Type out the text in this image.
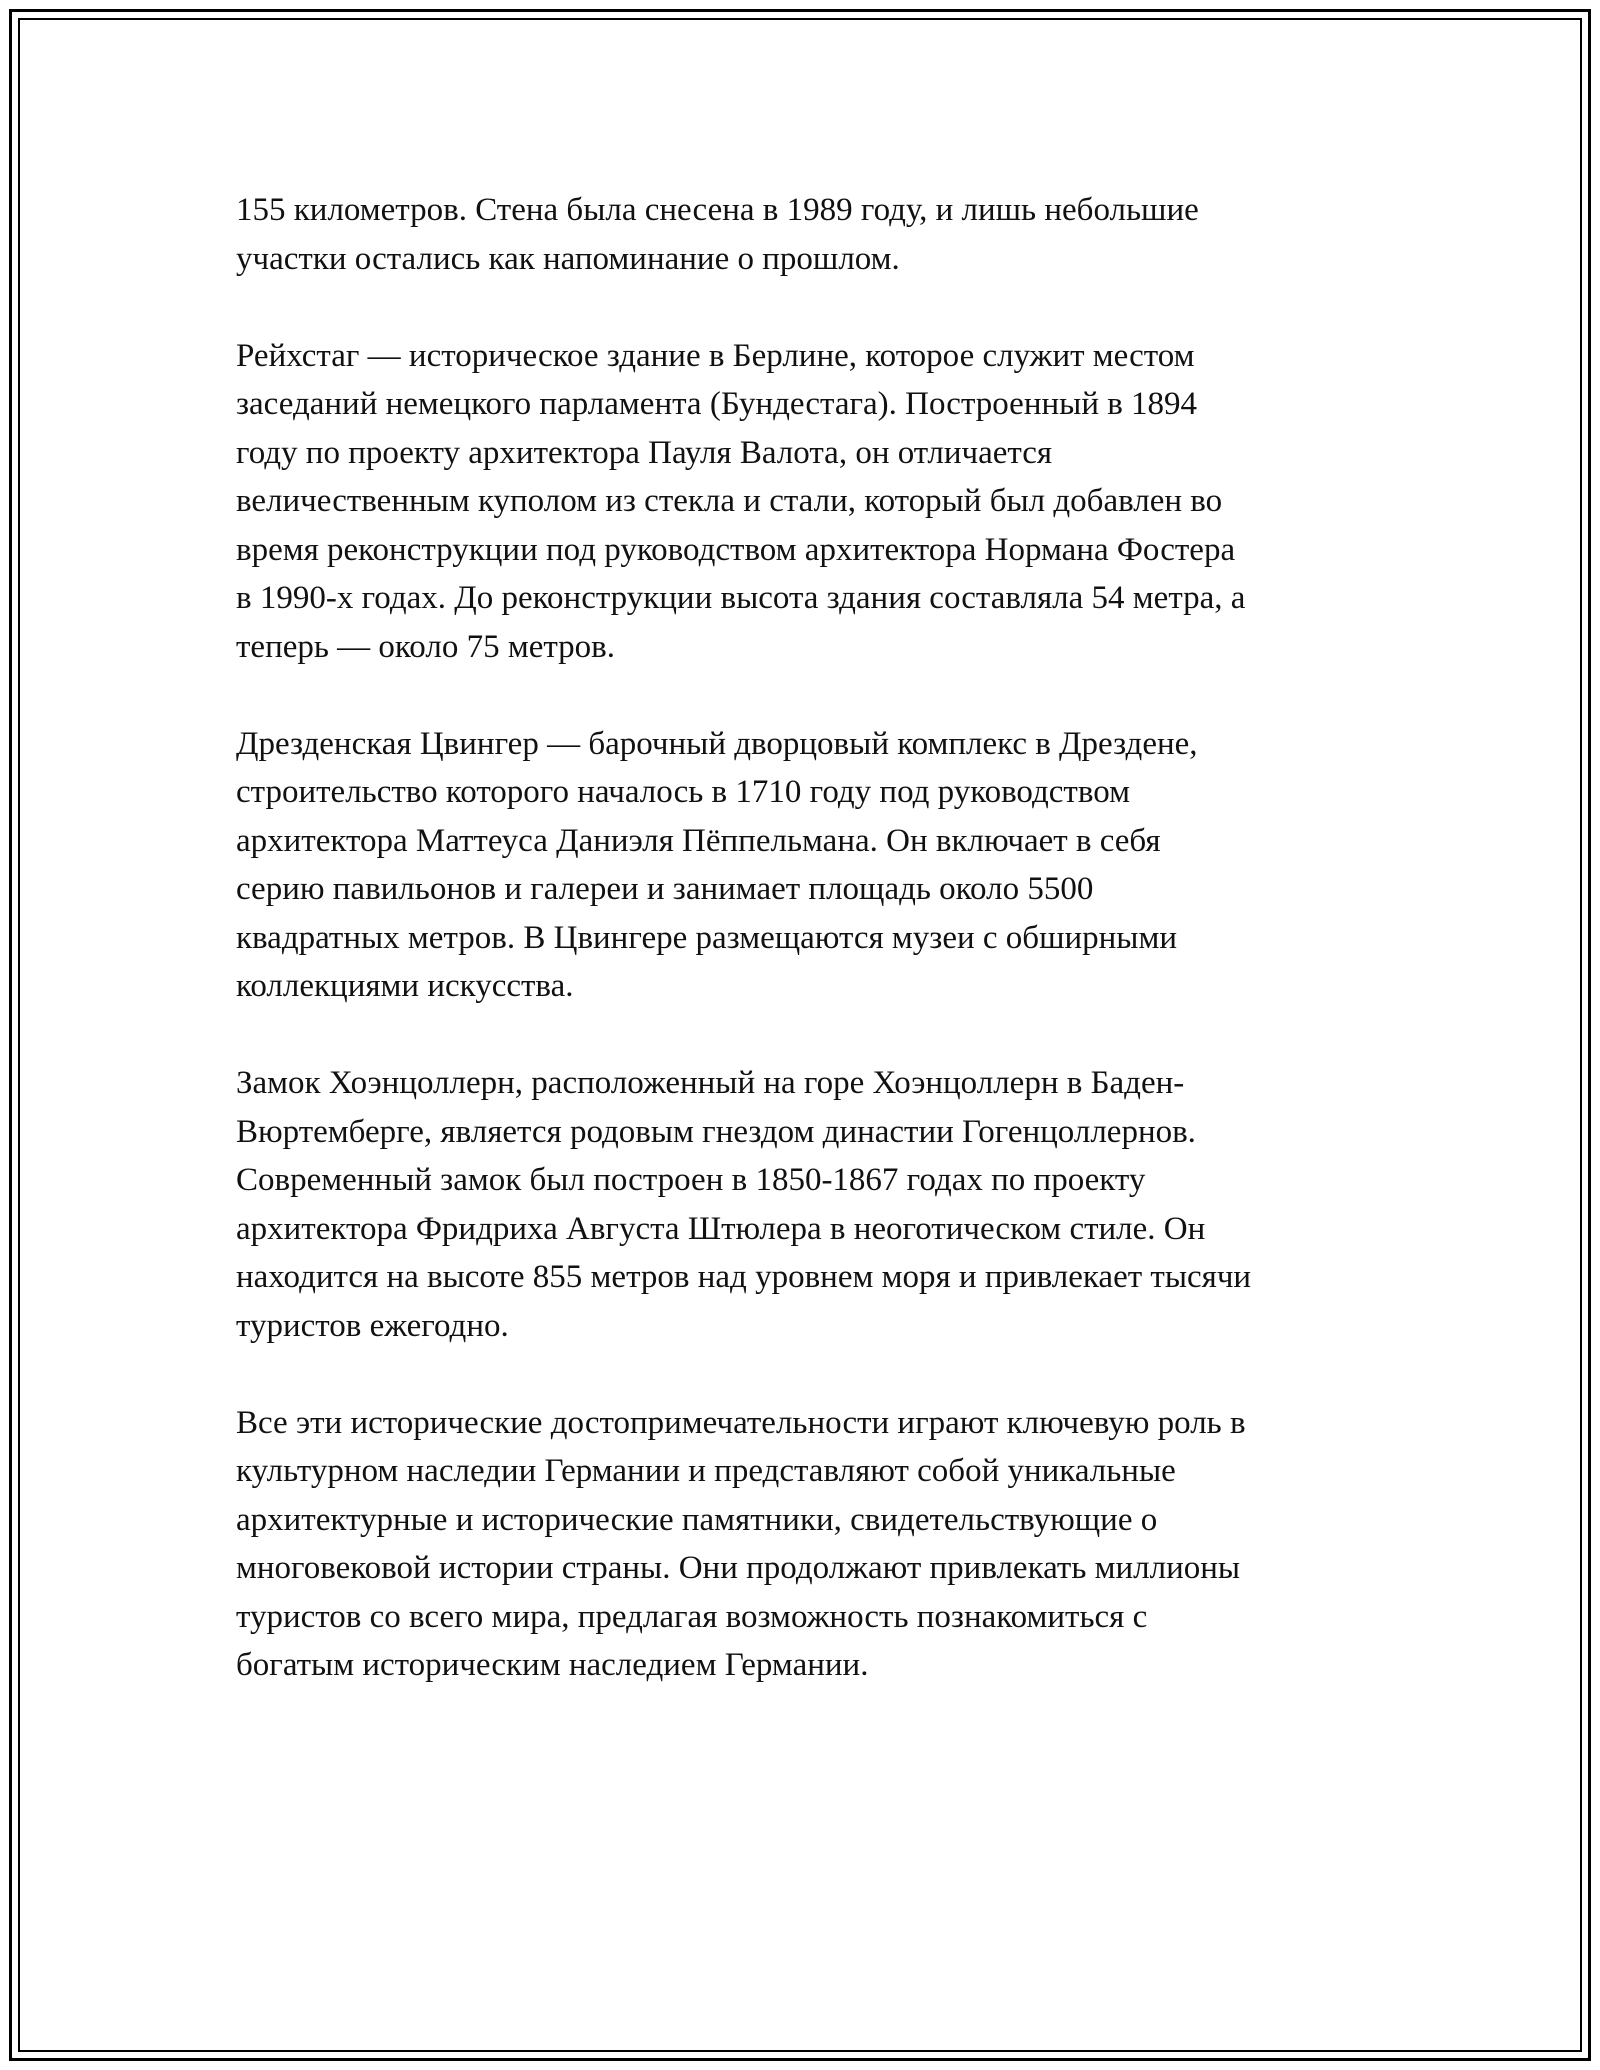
155 километров. Стена была снесена в 1989 году, и лишь небольшие
участки остались как напоминание о прошлом.

Рейхстаг — историческое здание в Берлине, которое служит местом
заседаний немецкого парламента (Бундестага). Построенный в 1894
году по проекту архитектора Пауля Валота, он отличается
величественным куполом из стекла и стали, который был добавлен во
время реконструкции под руководством архитектора Нормана Фостера
в 1990-х годах. До реконструкции высота здания составляла 54 метра, а
теперь — около 75 метров.

Дрезденская Цвингер — барочный дворцовый комплекс в Дрездене,
строительство которого началось в 1710 году под руководством
архитектора Маттеуса Даниэля Пёппельмана. Он включает в себя
серию павильонов и галереи и занимает площадь около 5500
квадратных метров. В Цвингере размещаются музеи с обширными
коллекциями искусства.

Замок Хоэнцоллерн, расположенный на горе Хоэнцоллерн в Баден-
Вюртемберге, является родовым гнездом династии Гогенцоллернов.
Современный замок был построен в 1850-1867 годах по проекту
архитектора Фридриха Августа Штюлера в неоготическом стиле. Он
находится на высоте 855 метров над уровнем моря и привлекает тысячи
туристов ежегодно.

Все эти исторические достопримечательности играют ключевую роль в
культурном наследии Германии и представляют собой уникальные
архитектурные и исторические памятники, свидетельствующие о
многовековой истории страны. Они продолжают привлекать миллионы
туристов со всего мира, предлагая возможность познакомиться с
богатым историческим наследием Германии.
